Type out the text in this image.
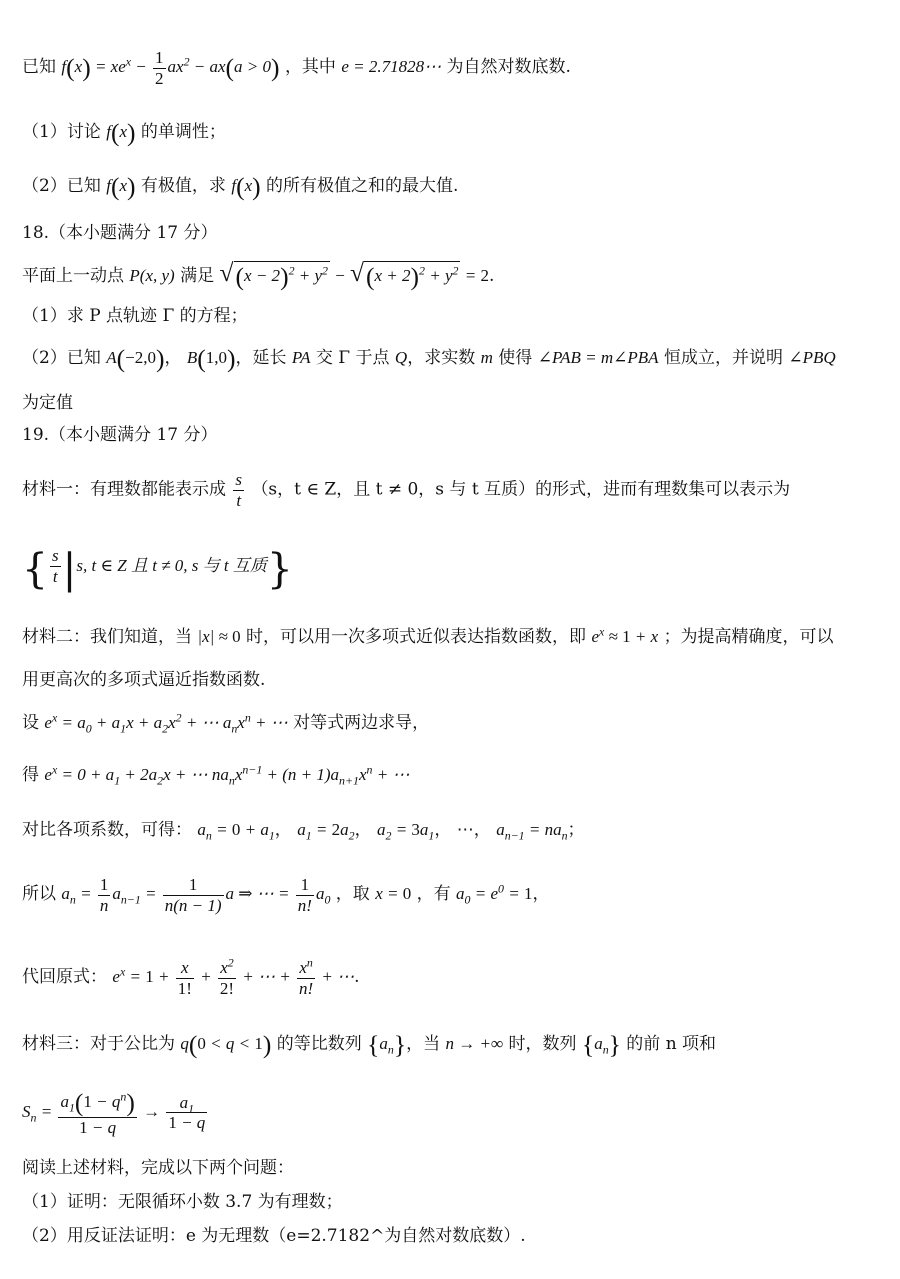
已知 $f(x) = xe^x - \frac{1}{2} ax^2 - ax(a > 0)$ ，其中 e = 2.71828⋯ 为自然对数底数.
（1）讨论 f(x) 的单调性；
（2）已知 f(x) 有极值，求 f(x) 的所有极值之和的最大值.
18.（本小题满分 17 分）
平面上一动点 P(x, y) 满足 $√(x - 2)^2 + y^2 - √(x + 2)^2 + y^2 = 2$.
（1）求 P 点轨迹 Γ 的方程；
（2）已知 A(−2,0)， B(1,0)，延长 PA 交 Γ 于点 Q，求实数 m 使得 ∠PAB = m∠PBA 恒成立，并说明 ∠PBQ
为定值
19.（本小题满分 17 分）
材料一：有理数都能表示成 $\frac{s}{t} (s$，t ∈ Z，且 t ≠ 0，s 与 t 互质）的形式，进而有理数集可以表示为
{ $\frac{s}{t} |s$, t ∈ Z 且 t ≠ 0, s 与 t 互质}
材料二：我们知道，当 |x| ≈ 0 时，可以用一次多项式近似表达指数函数，即 $e^x \approx 1 + x$ ；为提高精确度，可以
用更高次的多项式逼近指数函数.
设 $e^x = a_0 + a_1x + a_2x^2$ + ⋯ $a_nx^n$ + ⋯ 对等式两边求导，
得 $e^x = 0 + a_1 + 2a_2x$ + ⋯ $na_nx^{n-1} + (n + 1)a_{n+1}x^n$ + ⋯
对比各项系数，可得： $a_n = 0 + a_1$， $a_1 = 2a_2$， $a_2 = 3a_1$， ⋯， $a_{n-1} = na_n$；
所以 $a_n = \frac{1}{n} a_{n-1} = \frac{1}{n(n - 1)}$ a ⇒ ⋯ = $\frac{1}{n!} a_0$ ，取 x = 0 ，有 $a_0 = e^0 = 1$，
代回原式： $e^x = 1 + \frac{x}{1!} + \frac{x^2}{2!}$ + ⋯ + $\frac{x^n}{n!}$ + ⋯.
材料三：对于公比为 q(0 < q < 1) 的等比数列 $\{a_n\}$，当 n → +∞ 时，数列 $\{a_n\}$ 的前 n 项和
$S_n = \frac{a_1(1 - q^n)}{1 - q} \to \frac{a_1}{1 - q}$
阅读上述材料，完成以下两个问题：
（1）证明：无限循环小数 3.7 为有理数；
（2）用反证法证明：e 为无理数（e=2.7182^为自然对数底数）.
